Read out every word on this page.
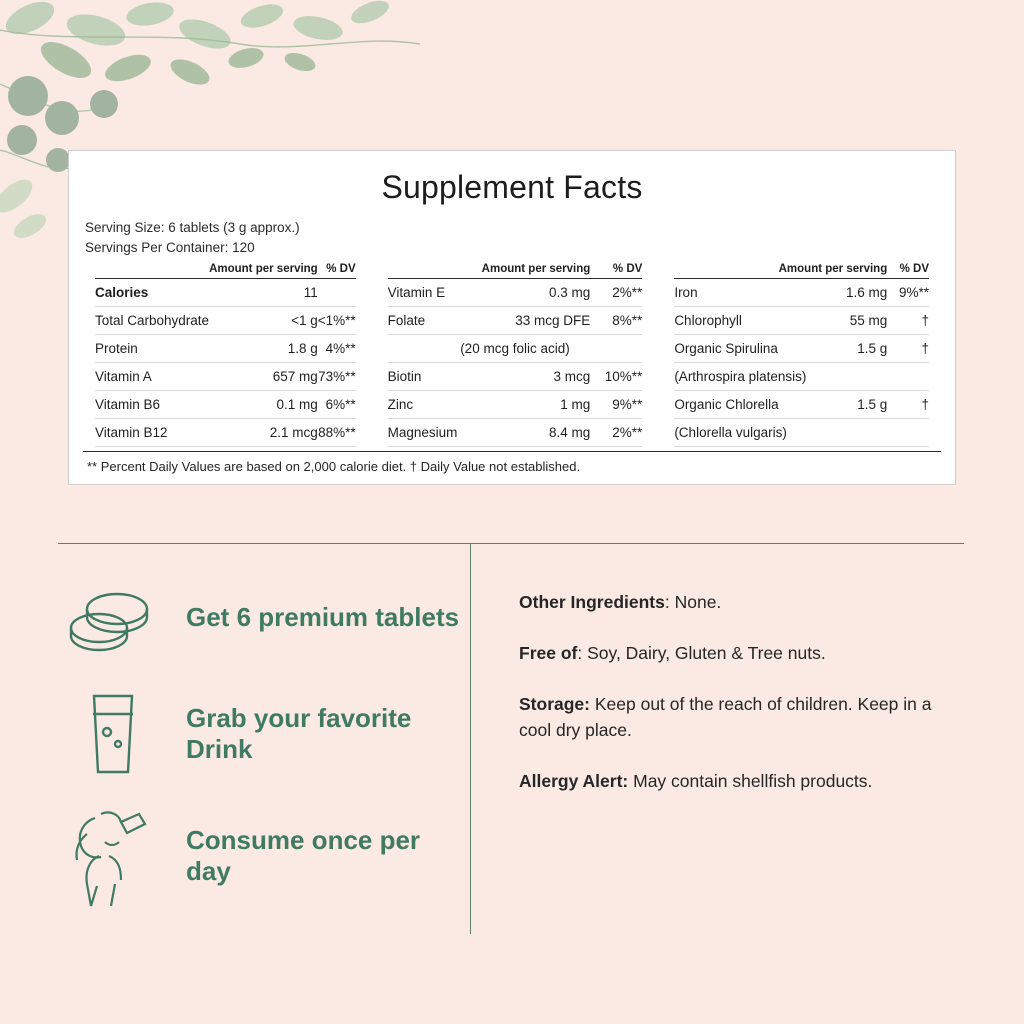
Supplement Facts
Serving Size: 6 tablets (3 g approx.)
Servings Per Container: 120
	Amount per serving	% DV
Calories	11	
Total Carbohydrate	<1 g	<1%**
Protein	1.8 g	4%**
Vitamin A	657 mg	73%**
Vitamin B6	0.1 mg	6%**
Vitamin B12	2.1 mcg	88%**
	Amount per serving	% DV
Vitamin E	0.3 mg	2%**
Folate	33 mcg DFE	8%**
(20 mcg folic acid)		
Biotin	3 mcg	10%**
Zinc	1 mg	9%**
Magnesium	8.4 mg	2%**
	Amount per serving	% DV
Iron	1.6 mg	9%**
Chlorophyll	55 mg	†
Organic Spirulina	1.5 g	†
(Arthrospira platensis)		
Organic Chlorella	1.5 g	†
(Chlorella vulgaris)		
** Percent Daily Values are based on 2,000 calorie diet. † Daily Value not established.
Get 6 premium tablets
Grab your favorite Drink
Consume once per day

Other Ingredients: None.

Free of: Soy, Dairy, Gluten & Tree nuts.

Storage: Keep out of the reach of children. Keep in a cool dry place.

Allergy Alert: May contain shellfish products.
